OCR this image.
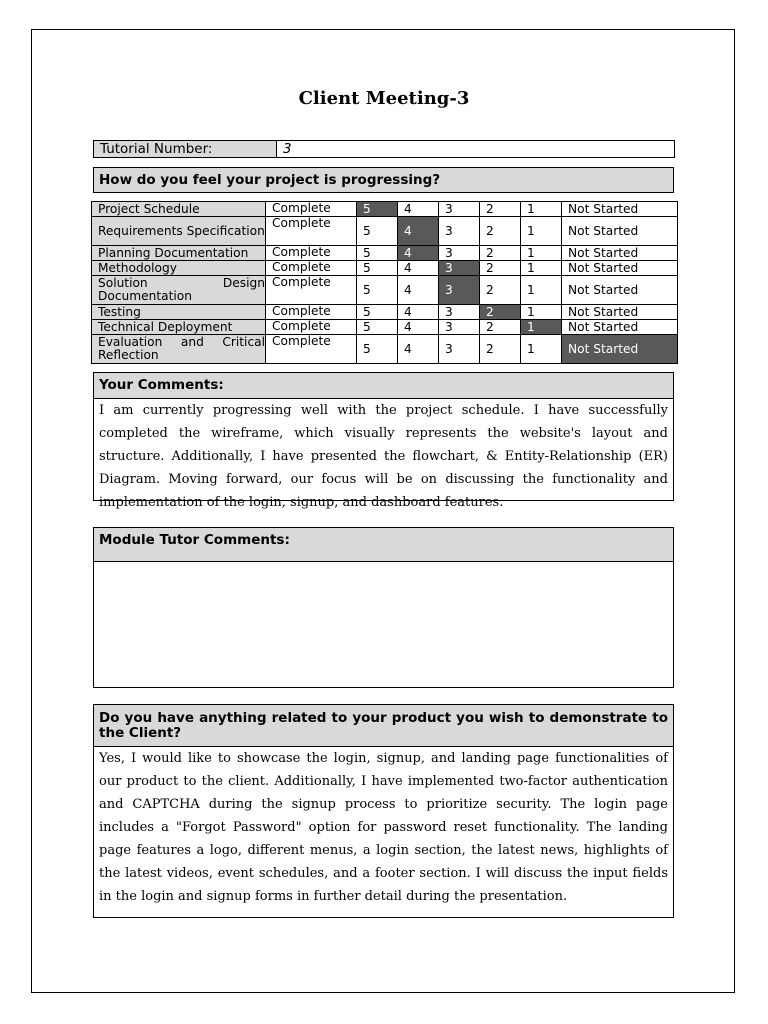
Client Meeting-3
Tutorial Number:	3
How do you feel your project is progressing?
Project Schedule	Complete	5	4	3	2	1	Not Started
Requirements Specification	Complete	5	4	3	2	1	Not Started
Planning Documentation	Complete	5	4	3	2	1	Not Started
Methodology	Complete	5	4	3	2	1	Not Started
Solution Design Documentation	Complete	5	4	3	2	1	Not Started
Testing	Complete	5	4	3	2	1	Not Started
Technical Deployment	Complete	5	4	3	2	1	Not Started
Evaluation and Critical Reflection	Complete	5	4	3	2	1	Not Started
Your Comments:
I am currently progressing well with the project schedule. I have successfully completed the wireframe, which visually represents the website's layout and structure. Additionally, I have presented the flowchart, & Entity-Relationship (ER) Diagram. Moving forward, our focus will be on discussing the functionality and implementation of the login, signup, and dashboard features.
Module Tutor Comments:
Do you have anything related to your product you wish to demonstrate to the Client?
Yes, I would like to showcase the login, signup, and landing page functionalities of our product to the client. Additionally, I have implemented two-factor authentication and CAPTCHA during the signup process to prioritize security. The login page includes a "Forgot Password" option for password reset functionality. The landing page features a logo, different menus, a login section, the latest news, highlights of the latest videos, event schedules, and a footer section. I will discuss the input fields in the login and signup forms in further detail during the presentation.
